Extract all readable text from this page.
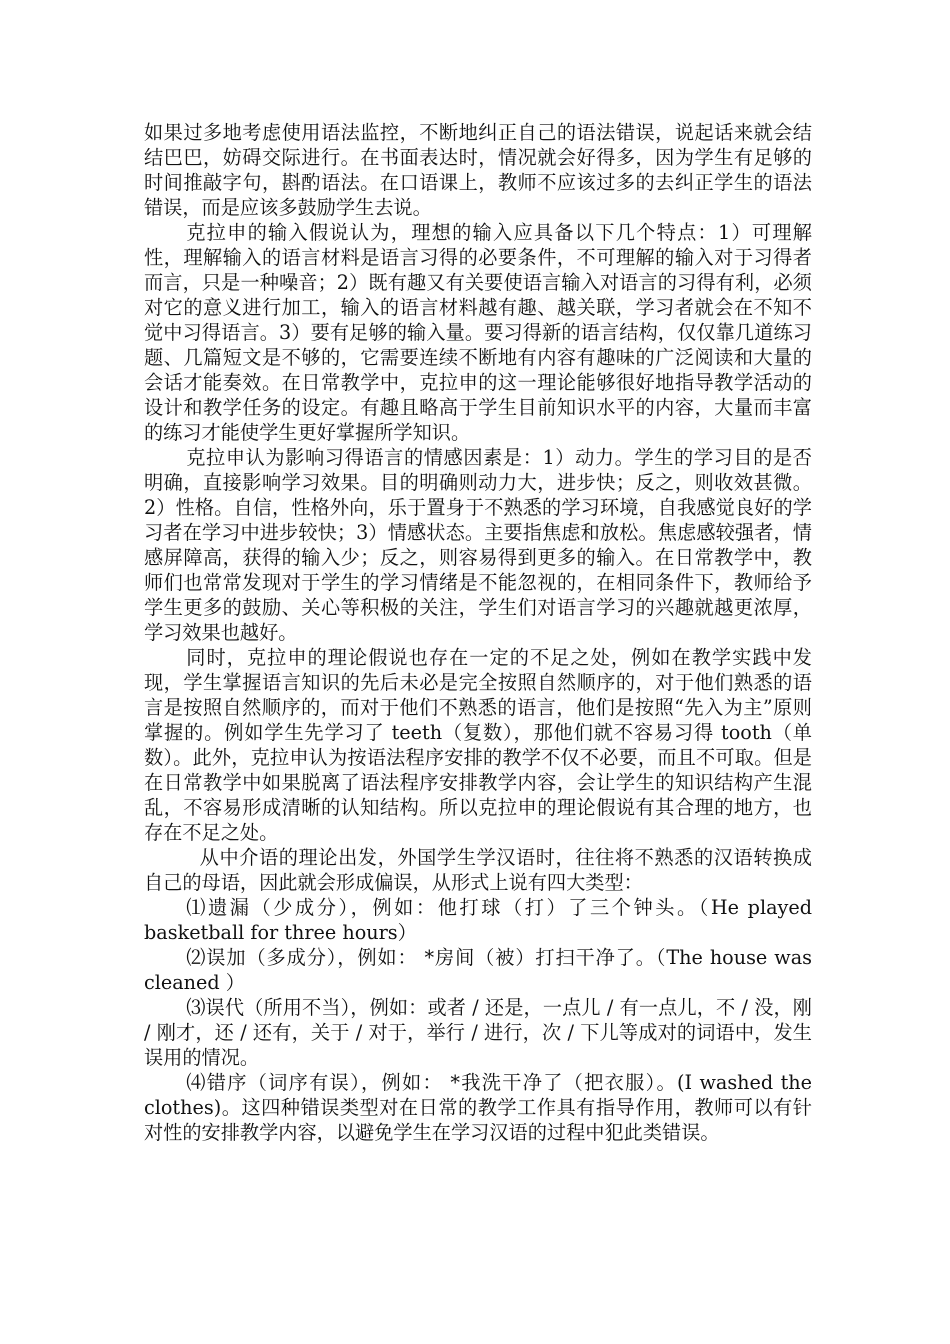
如果过多地考虑使用语法监控，不断地纠正自己的语法错误，说起话来就会结结巴巴，妨碍交际进行。在书面表达时，情况就会好得多，因为学生有足够的时间推敲字句，斟酌语法。在口语课上，教师不应该过多的去纠正学生的语法错误，而是应该多鼓励学生去说。

克拉申的输入假说认为，理想的输入应具备以下几个特点：1）可理解性，理解输入的语言材料是语言习得的必要条件，不可理解的输入对于习得者而言，只是一种噪音；2）既有趣又有关要使语言输入对语言的习得有利，必须对它的意义进行加工，输入的语言材料越有趣、越关联，学习者就会在不知不觉中习得语言。3）要有足够的输入量。要习得新的语言结构，仅仅靠几道练习题、几篇短文是不够的，它需要连续不断地有内容有趣味的广泛阅读和大量的会话才能奏效。在日常教学中，克拉申的这一理论能够很好地指导教学活动的设计和教学任务的设定。有趣且略高于学生目前知识水平的内容，大量而丰富的练习才能使学生更好掌握所学知识。

克拉申认为影响习得语言的情感因素是：1）动力。学生的学习目的是否明确，直接影响学习效果。目的明确则动力大，进步快；反之，则收效甚微。2）性格。自信，性格外向，乐于置身于不熟悉的学习环境，自我感觉良好的学习者在学习中进步较快；3）情感状态。主要指焦虑和放松。焦虑感较强者，情感屏障高，获得的输入少；反之，则容易得到更多的输入。在日常教学中，教师们也常常发现对于学生的学习情绪是不能忽视的，在相同条件下，教师给予学生更多的鼓励、关心等积极的关注，学生们对语言学习的兴趣就越更浓厚，学习效果也越好。

同时，克拉申的理论假说也存在一定的不足之处，例如在教学实践中发现，学生掌握语言知识的先后未必是完全按照自然顺序的，对于他们熟悉的语言是按照自然顺序的，而对于他们不熟悉的语言，他们是按照“先入为主”原则掌握的。例如学生先学习了 teeth（复数），那他们就不容易习得 tooth（单数）。此外，克拉申认为按语法程序安排的教学不仅不必要，而且不可取。但是在日常教学中如果脱离了语法程序安排教学内容，会让学生的知识结构产生混乱，不容易形成清晰的认知结构。所以克拉申的理论假说有其合理的地方，也存在不足之处。

从中介语的理论出发，外国学生学汉语时，往往将不熟悉的汉语转换成自己的母语，因此就会形成偏误，从形式上说有四大类型：

⑴遗漏（少成分），例如：他打球（打）了三个钟头。（He played basketball for three hours）

⑵误加（多成分），例如： *房间（被）打扫干净了。（The house was cleaned ）

⑶误代（所用不当），例如：或者 / 还是，一点儿 / 有一点儿，不 / 没，刚 / 刚才，还 / 还有，关于 / 对于，举行 / 进行，次 / 下儿等成对的词语中，发生误用的情况。

⑷错序（词序有误），例如： *我洗干净了（把衣服）。(I washed the clothes)。这四种错误类型对在日常的教学工作具有指导作用，教师可以有针对性的安排教学内容，以避免学生在学习汉语的过程中犯此类错误。
